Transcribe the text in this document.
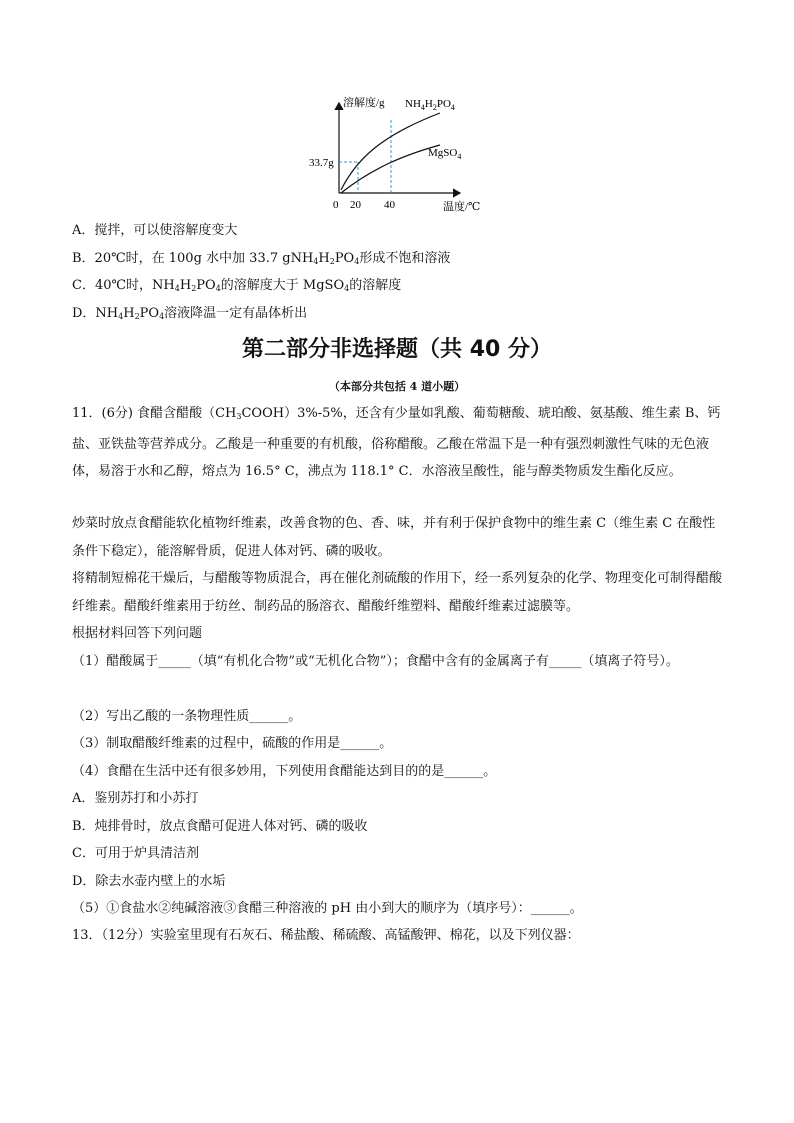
溶解度/g
温度/℃
33.7g
0 20 40
$NH_4H_2PO_4$
MgSO$_4$
A．搅拌，可以使溶解度变大
B．20℃时，在 100g 水中加 33.7 $gNH_4H_2PO_4$形成不饱和溶液
C．40℃时，$NH_4H_2PO_4$的溶解度大于 MgSO$_4$的溶解度
D．$NH_4H_2PO_4$溶液降温一定有晶体析出
第二部分非选择题（共 40 分）
（本部分共包括 4 道小题）
11．(6分) 食醋含醋酸$(CH_3COOH)3\%-5\%$，还含有少量如乳酸、葡萄糖酸、琥珀酸、氨基酸、维生素 B、钙盐、亚铁盐等营养成分。乙酸是一种重要的有机酸，俗称醋酸。乙酸在常温下是一种有强烈刺激性气味的无色液体，易溶于水和乙醇，熔点为 16.5° C，沸点为 118.1° C．水溶液呈酸性，能与醇类物质发生酯化反应。
炒菜时放点食醋能软化植物纤维素，改善食物的色、香、味，并有利于保护食物中的维生素 C（维生素 C 在酸性条件下稳定），能溶解骨质，促进人体对钙、磷的吸收。
将精制短棉花干燥后，与醋酸等物质混合，再在催化剂硫酸的作用下，经一系列复杂的化学、物理变化可制得醋酸纤维素。醋酸纤维素用于纺丝、制药品的肠溶衣、醋酸纤维塑料、醋酸纤维素过滤膜等。
根据材料回答下列问题
（1）醋酸属于_____（填“有机化合物”或“无机化合物”）；食醋中含有的金属离子有_____（填离子符号）。
（2）写出乙酸的一条物理性质______。
（3）制取醋酸纤维素的过程中，硫酸的作用是______。
（4）食醋在生活中还有很多妙用，下列使用食醋能达到目的的是______。
A．鉴别苏打和小苏打
B．炖排骨时，放点食醋可促进人体对钙、磷的吸收
C．可用于炉具清洁剂
D．除去水壶内壁上的水垢
（5）①食盐水②纯碱溶液③食醋三种溶液的 pH 由小到大的顺序为（填序号）：______。
13．（12分）实验室里现有石灰石、稀盐酸、稀硫酸、高锰酸钾、棉花，以及下列仪器：
